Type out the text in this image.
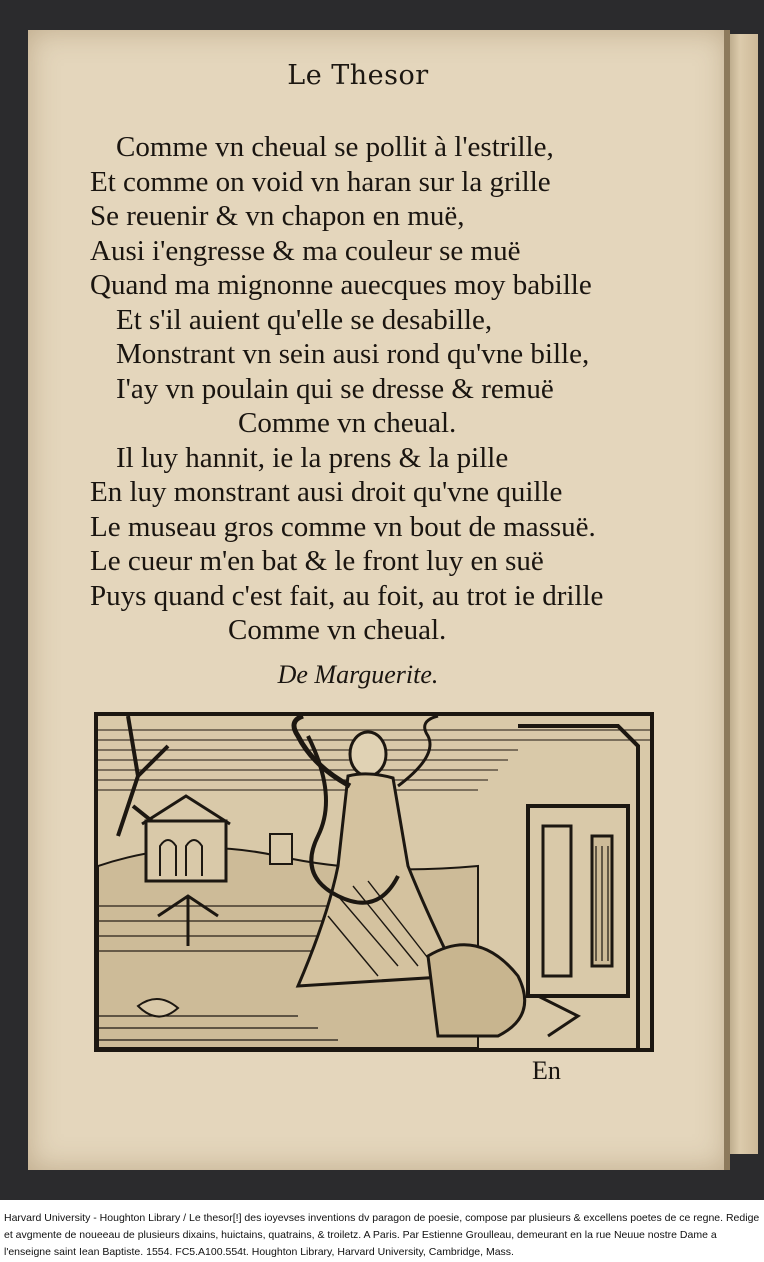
Le Thesor
Comme vn cheual se pollit à l'estrille,
Et comme on void vn haran sur la grille
Se reuenir & vn chapon en muë,
Ausi i'engresse & ma couleur se muë
Quand ma mignonne auecques moy babille
Et s'il auient qu'elle se desabille,
Monstrant vn sein ausi rond qu'vne bille,
I'ay vn poulain qui se dresse & remuë
Comme vn cheual.
Il luy hannit, ie la prens & la pille
En luy monstrant ausi droit qu'vne quille
Le museau gros comme vn bout de massuë.
Le cueur m'en bat & le front luy en suë
Puys quand c'est fait, au foit, au trot ie drille
Comme vn cheual.
De Marguerite.
En
Harvard University - Houghton Library / Le thesor[!] des ioyevses inventions dv paragon de poesie, compose par plusieurs & excellens poetes de ce regne. Redige et avgmente de noueeau de plusieurs dixains, huictains, quatrains, & troiletz. A Paris. Par Estienne Groulleau, demeurant en la rue Neuue nostre Dame a l'enseigne saint Iean Baptiste. 1554. FC5.A100.554t. Houghton Library, Harvard University, Cambridge, Mass.
